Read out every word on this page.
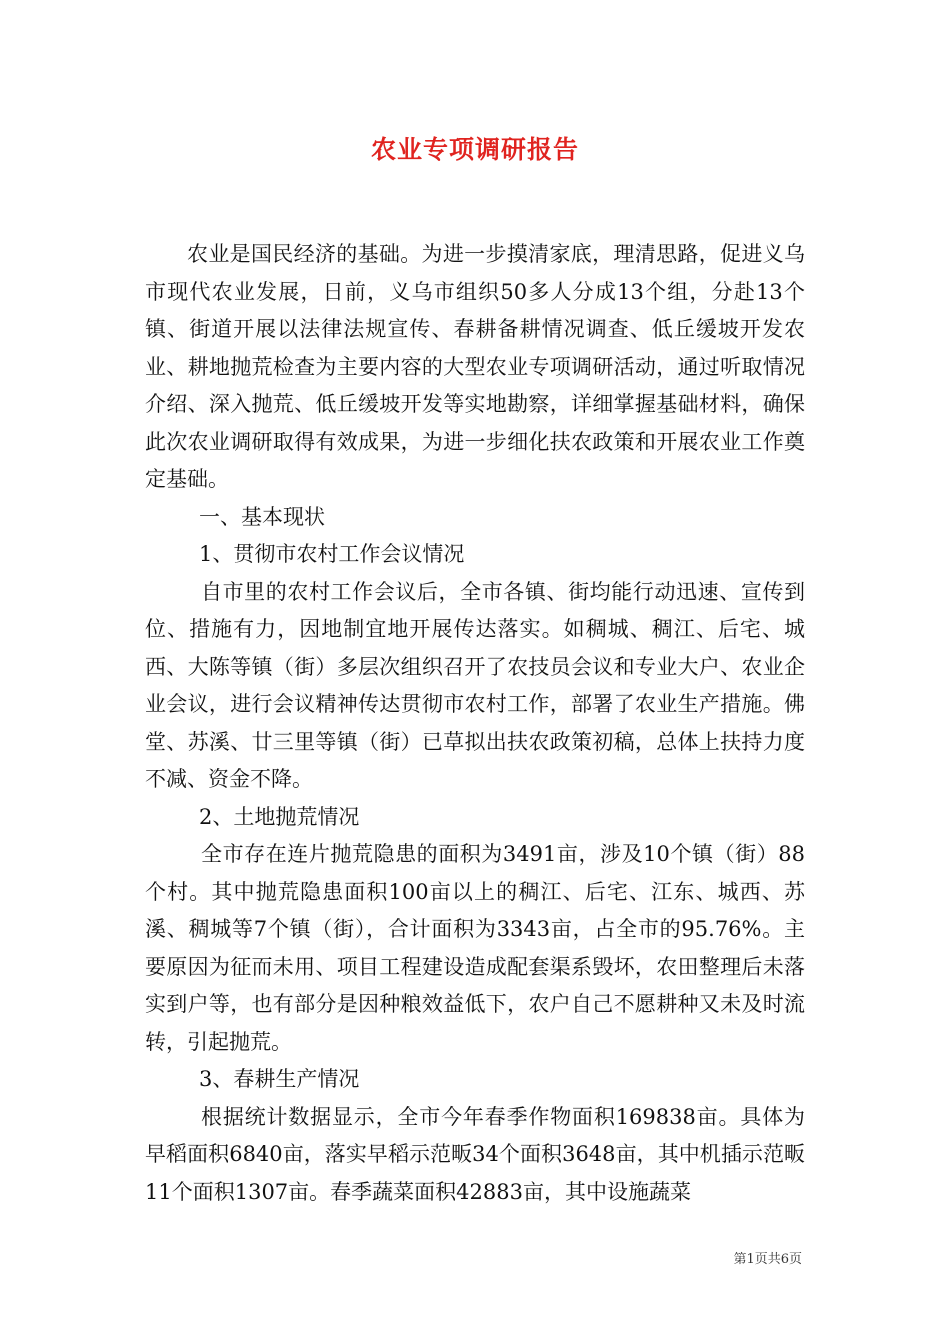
农业专项调研报告

农业是国民经济的基础。为进一步摸清家底，理清思路，促进义乌市现代农业发展，日前，义乌市组织50多人分成13个组，分赴13个镇、街道开展以法律法规宣传、春耕备耕情况调查、低丘缓坡开发农业、耕地抛荒检查为主要内容的大型农业专项调研活动，通过听取情况介绍、深入抛荒、低丘缓坡开发等实地勘察，详细掌握基础材料，确保此次农业调研取得有效成果，为进一步细化扶农政策和开展农业工作奠定基础。

一、基本现状

1、贯彻市农村工作会议情况

自市里的农村工作会议后，全市各镇、街均能行动迅速、宣传到位、措施有力，因地制宜地开展传达落实。如稠城、稠江、后宅、城西、大陈等镇（街）多层次组织召开了农技员会议和专业大户、农业企业会议，进行会议精神传达贯彻市农村工作，部署了农业生产措施。佛堂、苏溪、廿三里等镇（街）已草拟出扶农政策初稿，总体上扶持力度不减、资金不降。

2、土地抛荒情况

全市存在连片抛荒隐患的面积为3491亩，涉及10个镇（街）88个村。其中抛荒隐患面积100亩以上的稠江、后宅、江东、城西、苏溪、稠城等7个镇（街），合计面积为3343亩，占全市的95.76%。主要原因为征而未用、项目工程建设造成配套渠系毁坏，农田整理后未落实到户等，也有部分是因种粮效益低下，农户自己不愿耕种又未及时流转，引起抛荒。

3、春耕生产情况

根据统计数据显示，全市今年春季作物面积169838亩。具体为早稻面积6840亩，落实早稻示范畈34个面积3648亩，其中机插示范畈11个面积1307亩。春季蔬菜面积42883亩，其中设施蔬菜

第1页共6页
